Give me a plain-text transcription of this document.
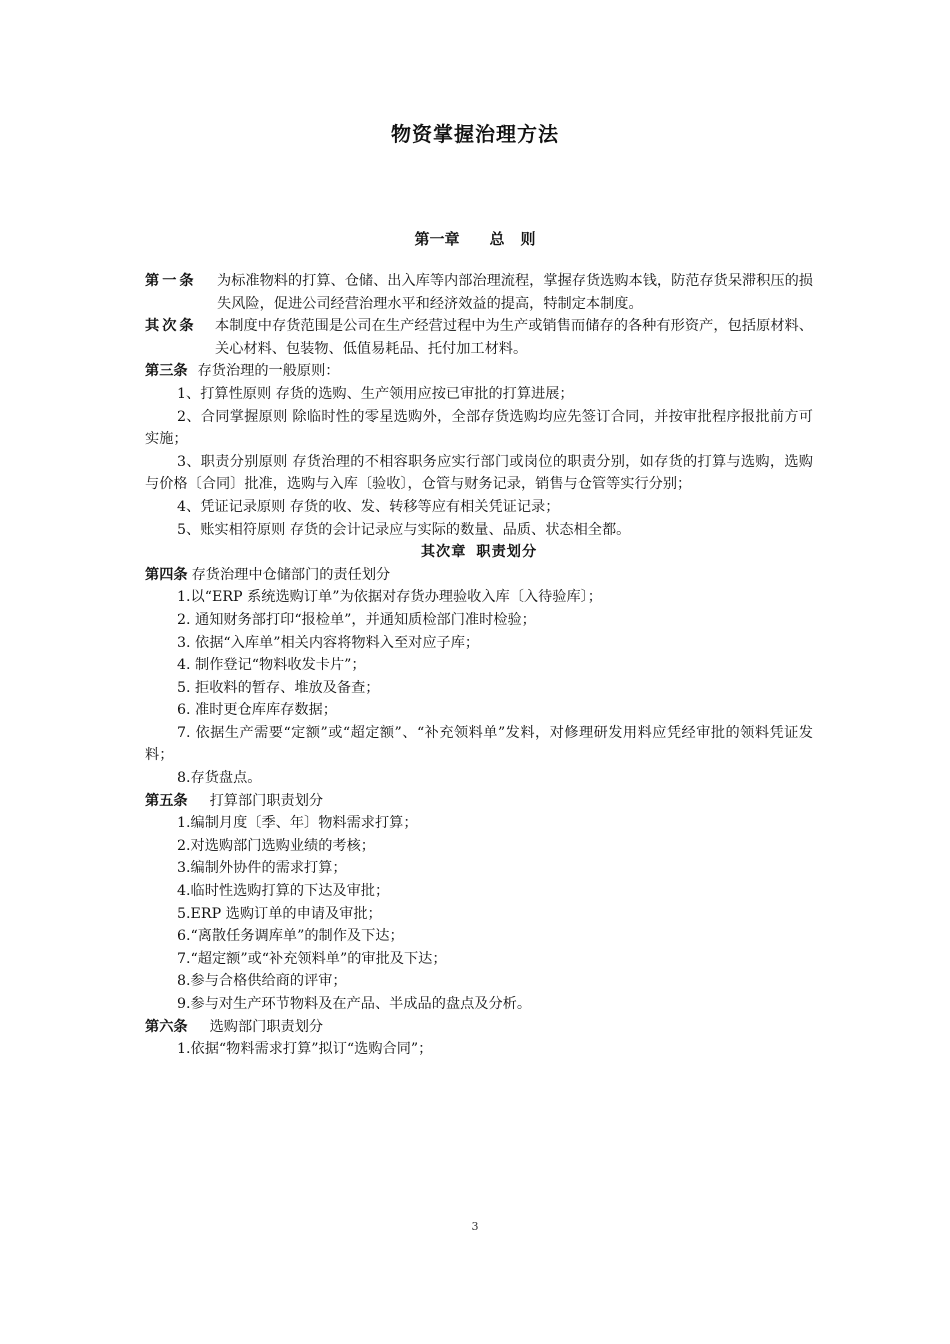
物资掌握治理方法
第一章 总 则
第一条	为标准物料的打算、仓储、出入库等内部治理流程，掌握存货选购本钱，防范存货呆滞积压的损失风险，促进公司经营治理水平和经济效益的提高，特制定本制度。
其次条	本制度中存货范围是公司在生产经营过程中为生产或销售而储存的各种有形资产，包括原材料、关心材料、包装物、低值易耗品、托付加工材料。

第三条 存货治理的一般原则：

1、打算性原则 存货的选购、生产领用应按已审批的打算进展；

2、合同掌握原则 除临时性的零星选购外，全部存货选购均应先签订合同，并按审批程序报批前方可实施；

3、职责分别原则 存货治理的不相容职务应实行部门或岗位的职责分别，如存货的打算与选购，选购与价格〔合同〕批准，选购与入库〔验收〕，仓管与财务记录，销售与仓管等实行分别；

4、凭证记录原则 存货的收、发、转移等应有相关凭证记录；

5、账实相符原则 存货的会计记录应与实际的数量、品质、状态相全都。

其次章 职责划分

第四条 存货治理中仓储部门的责任划分

1.以“ERP 系统选购订单”为依据对存货办理验收入库〔入待验库〕；

2. 通知财务部打印“报检单”，并通知质检部门准时检验；

3. 依据“入库单”相关内容将物料入至对应子库；

4. 制作登记“物料收发卡片”；

5. 拒收料的暂存、堆放及备查；

6. 准时更仓库库存数据；

7. 依据生产需要“定额”或“超定额”、“补充领料单”发料，对修理研发用料应凭经审批的领料凭证发料；

8.存货盘点。

第五条 打算部门职责划分

1.编制月度〔季、年〕物料需求打算；

2.对选购部门选购业绩的考核；

3.编制外协件的需求打算；

4.临时性选购打算的下达及审批；

5.ERP 选购订单的申请及审批；

6.“离散任务调库单”的制作及下达；

7.“超定额”或“补充领料单”的审批及下达；

8.参与合格供给商的评审；

9.参与对生产环节物料及在产品、半成品的盘点及分析。

第六条 选购部门职责划分

1.依据“物料需求打算”拟订“选购合同”；

3
